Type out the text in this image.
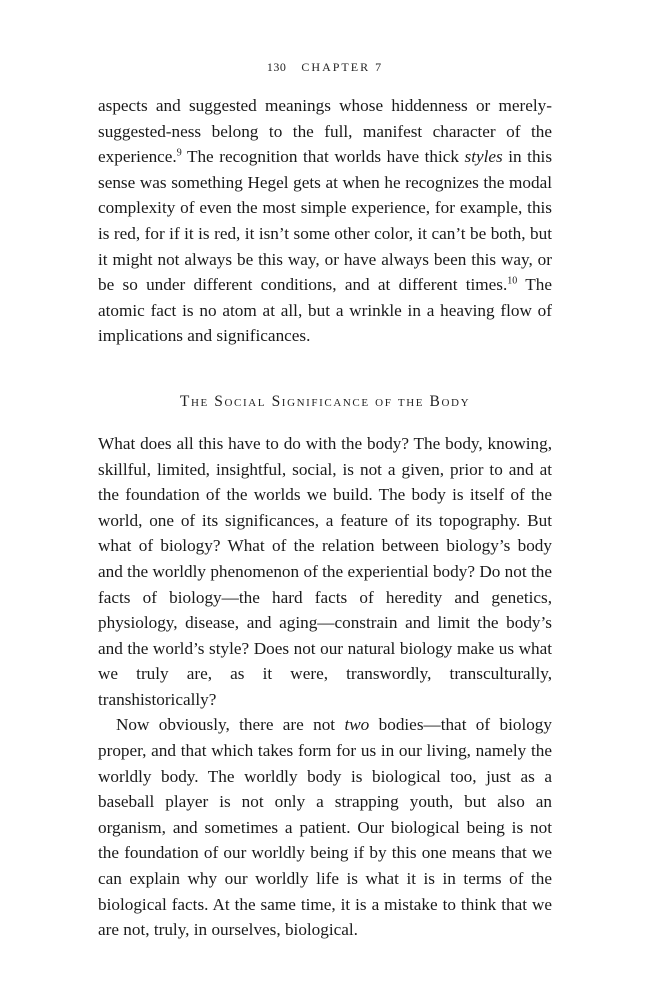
130 CHAPTER 7

aspects and suggested meanings whose hiddenness or merely-suggested-ness belong to the full, manifest character of the experience.$^9$ The recognition that worlds have thick styles in this sense was something Hegel gets at when he recognizes the modal complexity of even the most simple experience, for example, this is red, for if it is red, it isn’t some other color, it can’t be both, but it might not always be this way, or have always been this way, or be so under different conditions, and at different times.$^{10}$ The atomic fact is no atom at all, but a wrinkle in a heaving flow of implications and significances.

The Social Significance of the Body

What does all this have to do with the body? The body, knowing, skillful, limited, insightful, social, is not a given, prior to and at the foundation of the worlds we build. The body is itself of the world, one of its significances, a feature of its topography. But what of biology? What of the relation between biology’s body and the worldly phenomenon of the experiential body? Do not the facts of biology—the hard facts of heredity and genetics, physiology, disease, and aging—constrain and limit the body’s and the world’s style? Does not our natural biology make us what we truly are, as it were, transwordly, transculturally, transhistorically?

Now obviously, there are not two bodies—that of biology proper, and that which takes form for us in our living, namely the worldly body. The worldly body is biological too, just as a baseball player is not only a strapping youth, but also an organism, and sometimes a patient. Our biological being is not the foundation of our worldly being if by this one means that we can explain why our worldly life is what it is in terms of the biological facts. At the same time, it is a mistake to think that we are not, truly, in ourselves, biological.
